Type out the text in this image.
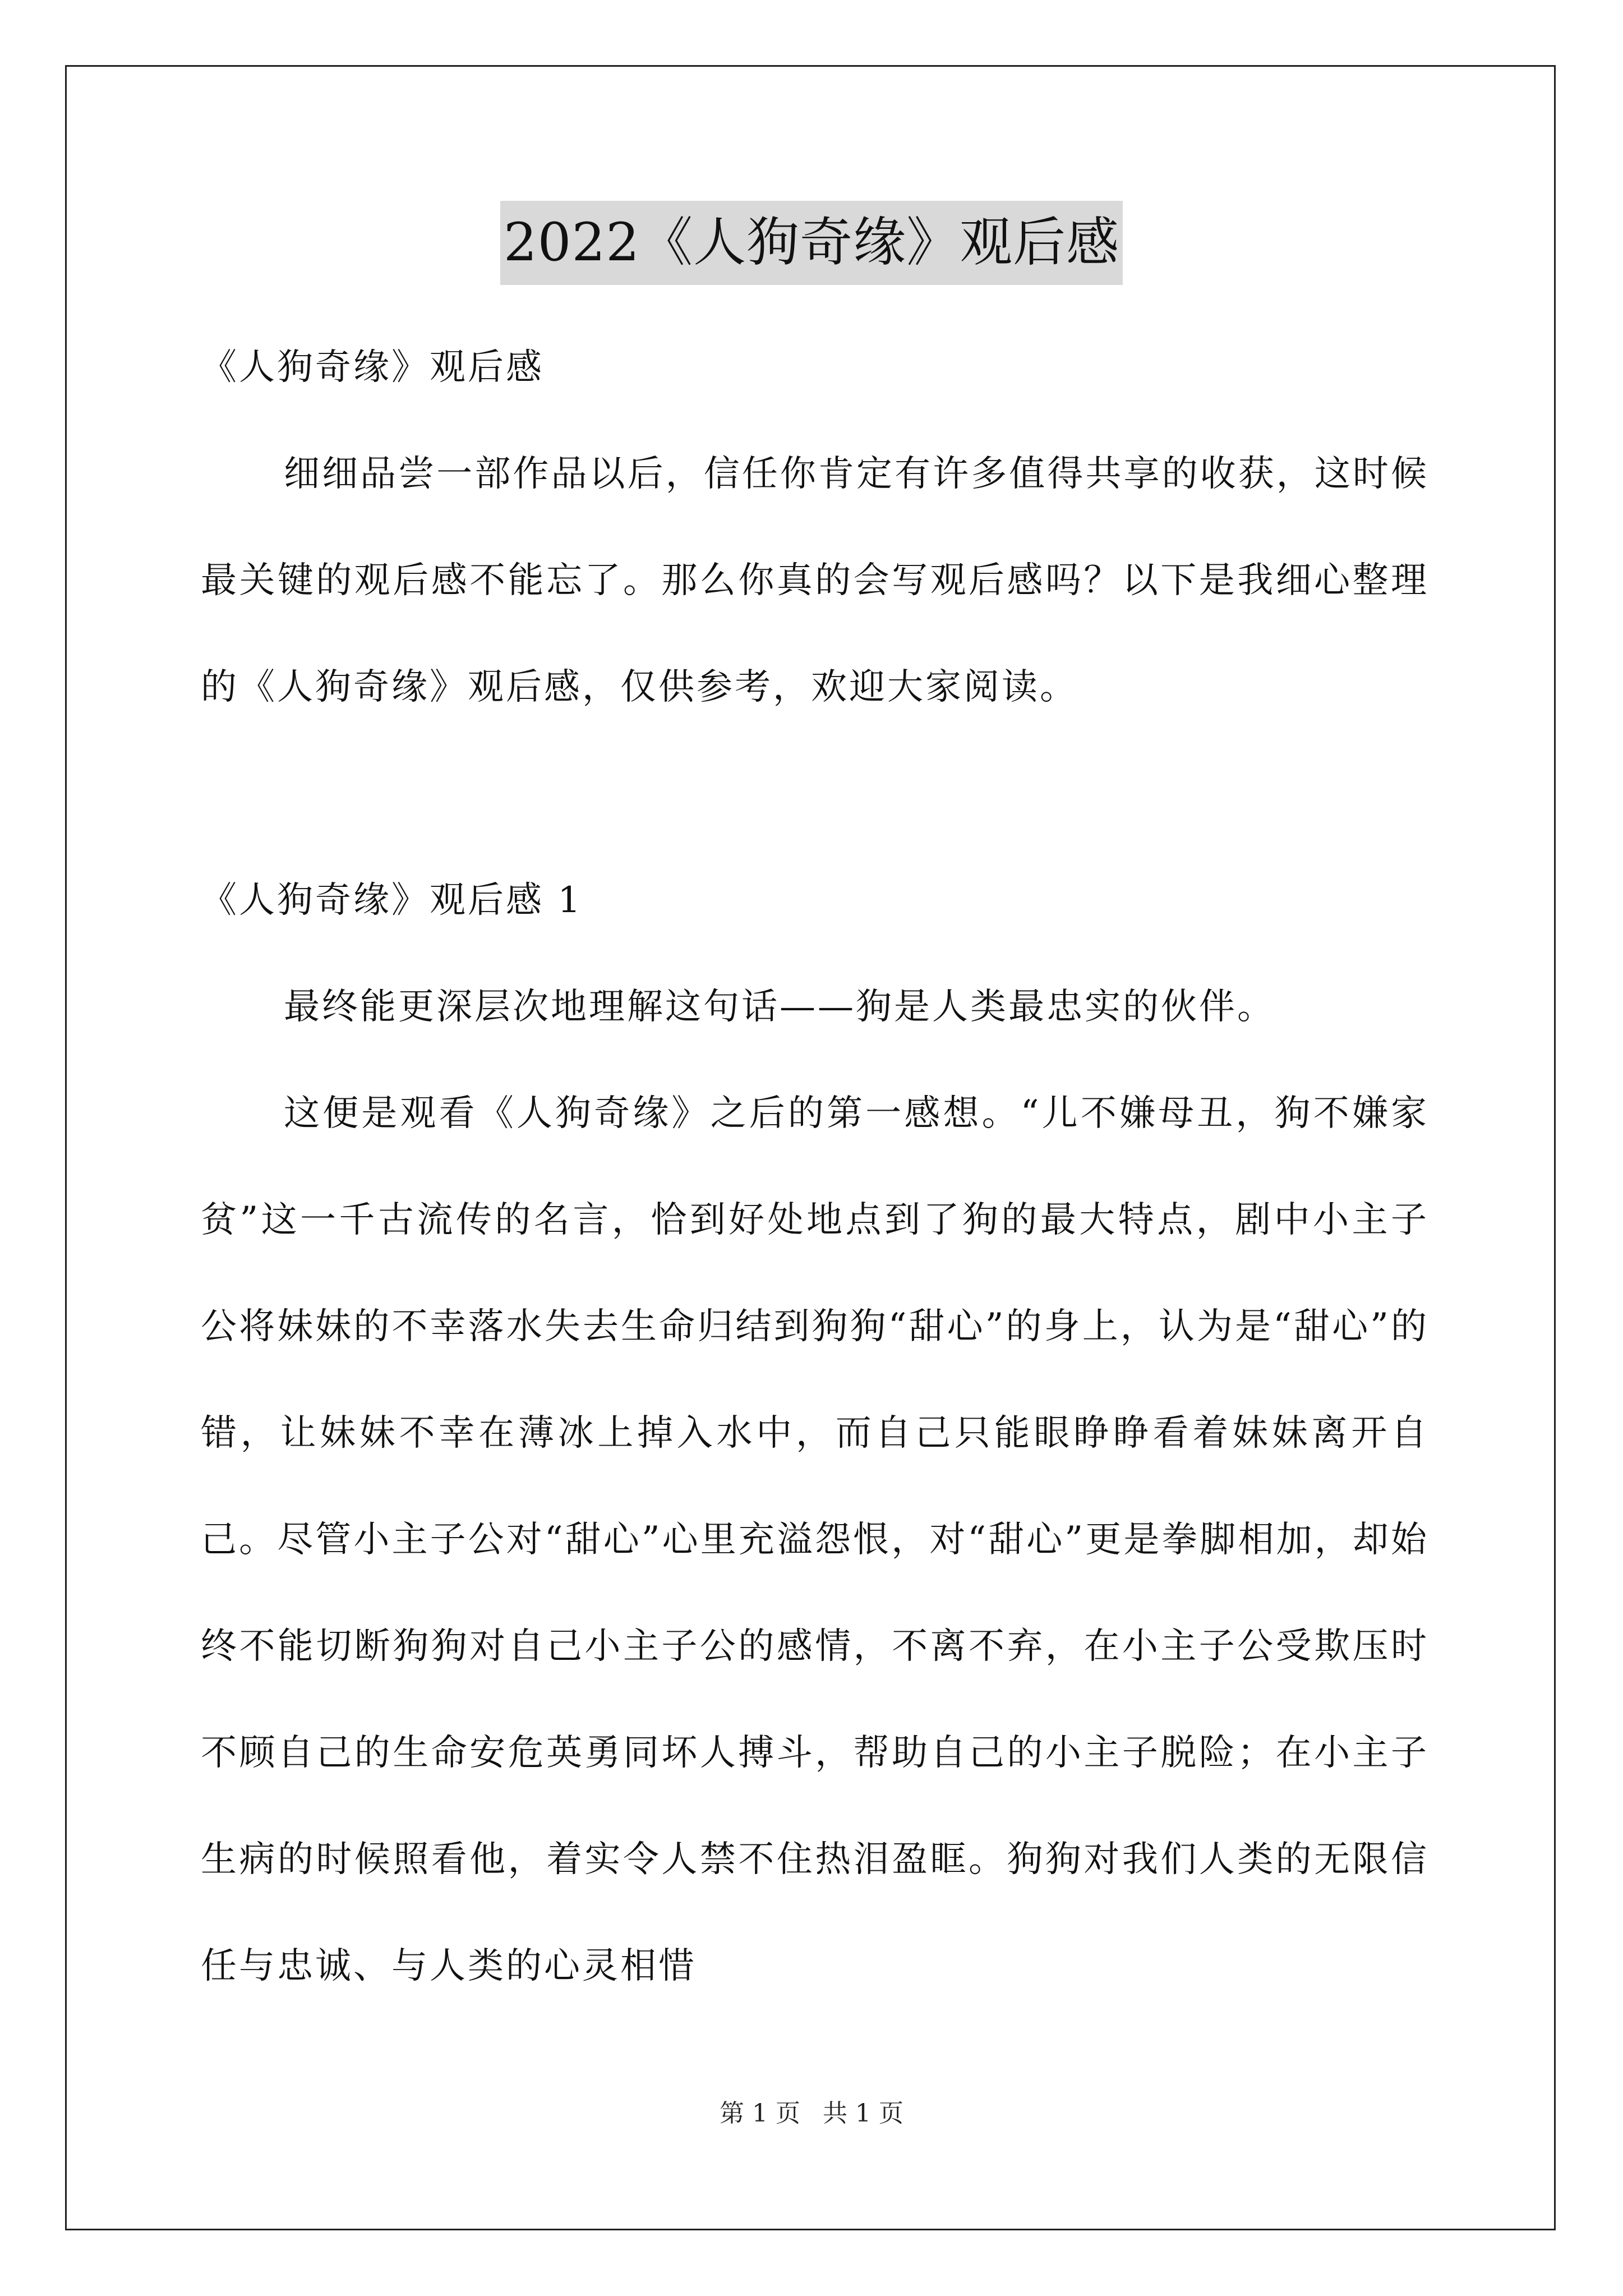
2022《人狗奇缘》观后感

《人狗奇缘》观后感

细细品尝一部作品以后，信任你肯定有许多值得共享的收获，这时候最关键的观后感不能忘了。那么你真的会写观后感吗？以下是我细心整理的《人狗奇缘》观后感，仅供参考，欢迎大家阅读。

《人狗奇缘》观后感 1

最终能更深层次地理解这句话——狗是人类最忠实的伙伴。

这便是观看《人狗奇缘》之后的第一感想。“儿不嫌母丑，狗不嫌家贫”这一千古流传的名言，恰到好处地点到了狗的最大特点，剧中小主子公将妹妹的不幸落水失去生命归结到狗狗“甜心”的身上，认为是“甜心”的错，让妹妹不幸在薄冰上掉入水中，而自己只能眼睁睁看着妹妹离开自己。尽管小主子公对“甜心”心里充溢怨恨，对“甜心”更是拳脚相加，却始终不能切断狗狗对自己小主子公的感情，不离不弃，在小主子公受欺压时不顾自己的生命安危英勇同坏人搏斗，帮助自己的小主子脱险；在小主子生病的时候照看他，着实令人禁不住热泪盈眶。狗狗对我们人类的无限信任与忠诚、与人类的心灵相惜

第 1 页 共 1 页
